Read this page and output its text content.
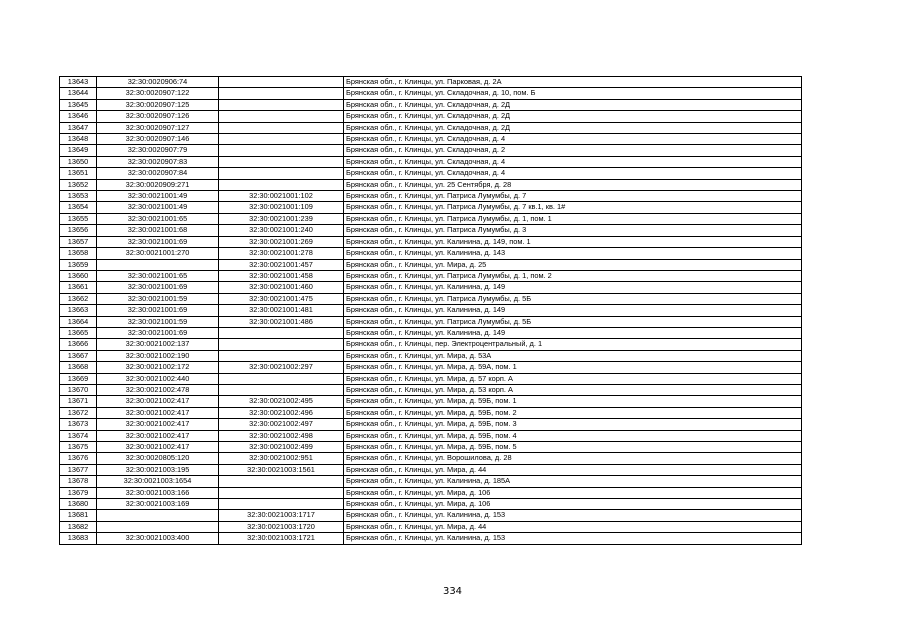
13643	32:30:0020906:74		Брянская обл., г. Клинцы, ул. Парковая, д. 2А
13644	32:30:0020907:122		Брянская обл., г. Клинцы, ул. Складочная, д. 10, пом. Б
13645	32:30:0020907:125		Брянская обл., г. Клинцы, ул. Складочная, д. 2Д
13646	32:30:0020907:126		Брянская обл., г. Клинцы, ул. Складочная, д. 2Д
13647	32:30:0020907:127		Брянская обл., г. Клинцы, ул. Складочная, д. 2Д
13648	32:30:0020907:146		Брянская обл., г. Клинцы, ул. Складочная, д. 4
13649	32:30:0020907:79		Брянская обл., г. Клинцы, ул. Складочная, д. 2
13650	32:30:0020907:83		Брянская обл., г. Клинцы, ул. Складочная, д. 4
13651	32:30:0020907:84		Брянская обл., г. Клинцы, ул. Складочная, д. 4
13652	32:30:0020909:271		Брянская обл., г. Клинцы, ул. 25 Сентября, д. 28
13653	32:30:0021001:49	32:30:0021001:102	Брянская обл., г. Клинцы, ул. Патриса Лумумбы, д. 7
13654	32:30:0021001:49	32:30:0021001:109	Брянская обл., г. Клинцы, ул. Патриса Лумумбы, д. 7 кв.1, кв. 1#
13655	32:30:0021001:65	32:30:0021001:239	Брянская обл., г. Клинцы, ул. Патриса Лумумбы, д. 1, пом. 1
13656	32:30:0021001:68	32:30:0021001:240	Брянская обл., г. Клинцы, ул. Патриса Лумумбы, д. 3
13657	32:30:0021001:69	32:30:0021001:269	Брянская обл., г. Клинцы, ул. Калинина, д. 149, пом. 1
13658	32:30:0021001:270	32:30:0021001:278	Брянская обл., г. Клинцы, ул. Калинина, д. 143
13659		32:30:0021001:457	Брянская обл., г. Клинцы, ул. Мира, д. 25
13660	32:30:0021001:65	32:30:0021001:458	Брянская обл., г. Клинцы, ул. Патриса Лумумбы, д. 1, пом. 2
13661	32:30:0021001:69	32:30:0021001:460	Брянская обл., г. Клинцы, ул. Калинина, д. 149
13662	32:30:0021001:59	32:30:0021001:475	Брянская обл., г. Клинцы, ул. Патриса Лумумбы, д. 5Б
13663	32:30:0021001:69	32:30:0021001:481	Брянская обл., г. Клинцы, ул. Калинина, д. 149
13664	32:30:0021001:59	32:30:0021001:486	Брянская обл., г. Клинцы, ул. Патриса Лумумбы, д. 5Б
13665	32:30:0021001:69		Брянская обл., г. Клинцы, ул. Калинина, д. 149
13666	32:30:0021002:137		Брянская обл., г. Клинцы, пер. Электроцентральный, д. 1
13667	32:30:0021002:190		Брянская обл., г. Клинцы, ул. Мира, д. 53А
13668	32:30:0021002:172	32:30:0021002:297	Брянская обл., г. Клинцы, ул. Мира, д. 59А, пом. 1
13669	32:30:0021002:440		Брянская обл., г. Клинцы, ул. Мира, д. 57 корп. А
13670	32:30:0021002:478		Брянская обл., г. Клинцы, ул. Мира, д. 53 корп. А
13671	32:30:0021002:417	32:30:0021002:495	Брянская обл., г. Клинцы, ул. Мира, д. 59Б, пом. 1
13672	32:30:0021002:417	32:30:0021002:496	Брянская обл., г. Клинцы, ул. Мира, д. 59Б, пом. 2
13673	32:30:0021002:417	32:30:0021002:497	Брянская обл., г. Клинцы, ул. Мира, д. 59Б, пом. 3
13674	32:30:0021002:417	32:30:0021002:498	Брянская обл., г. Клинцы, ул. Мира, д. 59Б, пом. 4
13675	32:30:0021002:417	32:30:0021002:499	Брянская обл., г. Клинцы, ул. Мира, д. 59Б, пом. 5
13676	32:30:0020805:120	32:30:0021002:951	Брянская обл., г. Клинцы, ул. Ворошилова, д. 28
13677	32:30:0021003:195	32:30:0021003:1561	Брянская обл., г. Клинцы, ул. Мира, д. 44
13678	32:30:0021003:1654		Брянская обл., г. Клинцы, ул. Калинина, д. 185А
13679	32:30:0021003:166		Брянская обл., г. Клинцы, ул. Мира, д. 106
13680	32:30:0021003:169		Брянская обл., г. Клинцы, ул. Мира, д. 106
13681		32:30:0021003:1717	Брянская обл., г. Клинцы, ул. Калинина, д. 153
13682		32:30:0021003:1720	Брянская обл., г. Клинцы, ул. Мира, д. 44
13683	32:30:0021003:400	32:30:0021003:1721	Брянская обл., г. Клинцы, ул. Калинина, д. 153
334
